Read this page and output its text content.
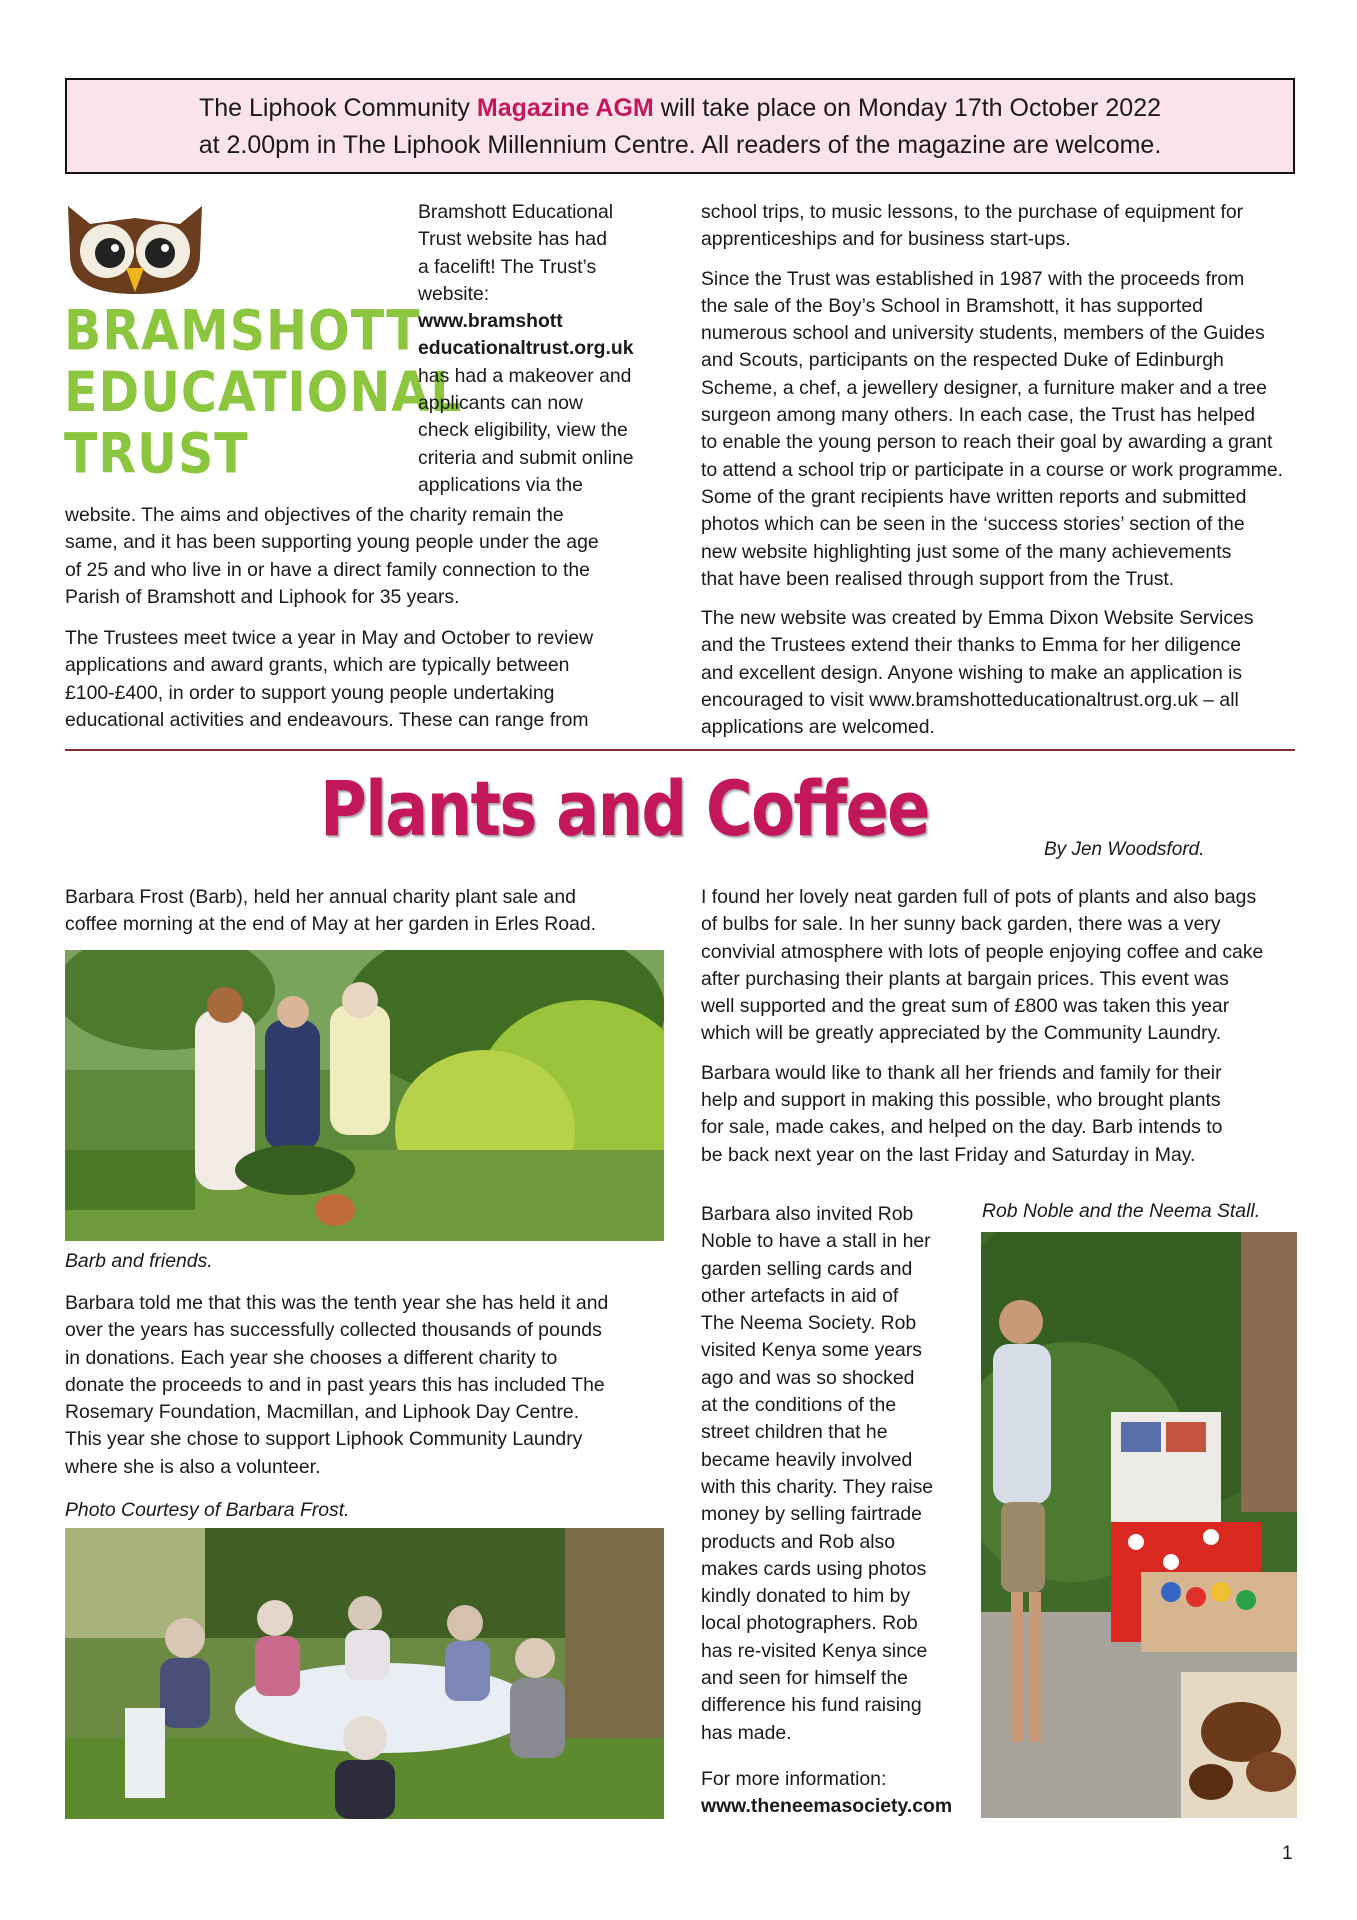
The Liphook Community Magazine AGM will take place on Monday 17th October 2022
at 2.00pm in The Liphook Millennium Centre. All readers of the magazine are welcome.
BRAMSHOTT
EDUCATIONAL
TRUST
Bramshott Educational
Trust website has had
a facelift! The Trust’s
website:
www.bramshott
educationaltrust.org.uk
has had a makeover and
applicants can now
check eligibility, view the
criteria and submit online
applications via the
website. The aims and objectives of the charity remain the
same, and it has been supporting young people under the age
of 25 and who live in or have a direct family connection to the
Parish of Bramshott and Liphook for 35 years.
The Trustees meet twice a year in May and October to review
applications and award grants, which are typically between
£100-£400, in order to support young people undertaking
educational activities and endeavours. These can range from
school trips, to music lessons, to the purchase of equipment for
apprenticeships and for business start-ups.
Since the Trust was established in 1987 with the proceeds from
the sale of the Boy’s School in Bramshott, it has supported
numerous school and university students, members of the Guides
and Scouts, participants on the respected Duke of Edinburgh
Scheme, a chef, a jewellery designer, a furniture maker and a tree
surgeon among many others. In each case, the Trust has helped
to enable the young person to reach their goal by awarding a grant
to attend a school trip or participate in a course or work programme.
Some of the grant recipients have written reports and submitted
photos which can be seen in the ‘success stories’ section of the
new website highlighting just some of the many achievements
that have been realised through support from the Trust.
The new website was created by Emma Dixon Website Services
and the Trustees extend their thanks to Emma for her diligence
and excellent design. Anyone wishing to make an application is
encouraged to visit www.bramshotteducationaltrust.org.uk – all
applications are welcomed.
Plants and Coffee	By Jen Woodsford.
Barbara Frost (Barb), held her annual charity plant sale and
coffee morning at the end of May at her garden in Erles Road.
Barb and friends.
Barbara told me that this was the tenth year she has held it and
over the years has successfully collected thousands of pounds
in donations. Each year she chooses a different charity to
donate the proceeds to and in past years this has included The
Rosemary Foundation, Macmillan, and Liphook Day Centre.
This year she chose to support Liphook Community Laundry
where she is also a volunteer.
Photo Courtesy of Barbara Frost.
I found her lovely neat garden full of pots of plants and also bags
of bulbs for sale. In her sunny back garden, there was a very
convivial atmosphere with lots of people enjoying coffee and cake
after purchasing their plants at bargain prices. This event was
well supported and the great sum of £800 was taken this year
which will be greatly appreciated by the Community Laundry.
Barbara would like to thank all her friends and family for their
help and support in making this possible, who brought plants
for sale, made cakes, and helped on the day. Barb intends to
be back next year on the last Friday and Saturday in May.
Barbara also invited Rob
Noble to have a stall in her
garden selling cards and
other artefacts in aid of
The Neema Society. Rob
visited Kenya some years
ago and was so shocked
at the conditions of the
street children that he
became heavily involved
with this charity. They raise
money by selling fairtrade
products and Rob also
makes cards using photos
kindly donated to him by
local photographers. Rob
has re-visited Kenya since
and seen for himself the
difference his fund raising
has made.
For more information:
www.theneemasociety.com
Rob Noble and the Neema Stall.
1
